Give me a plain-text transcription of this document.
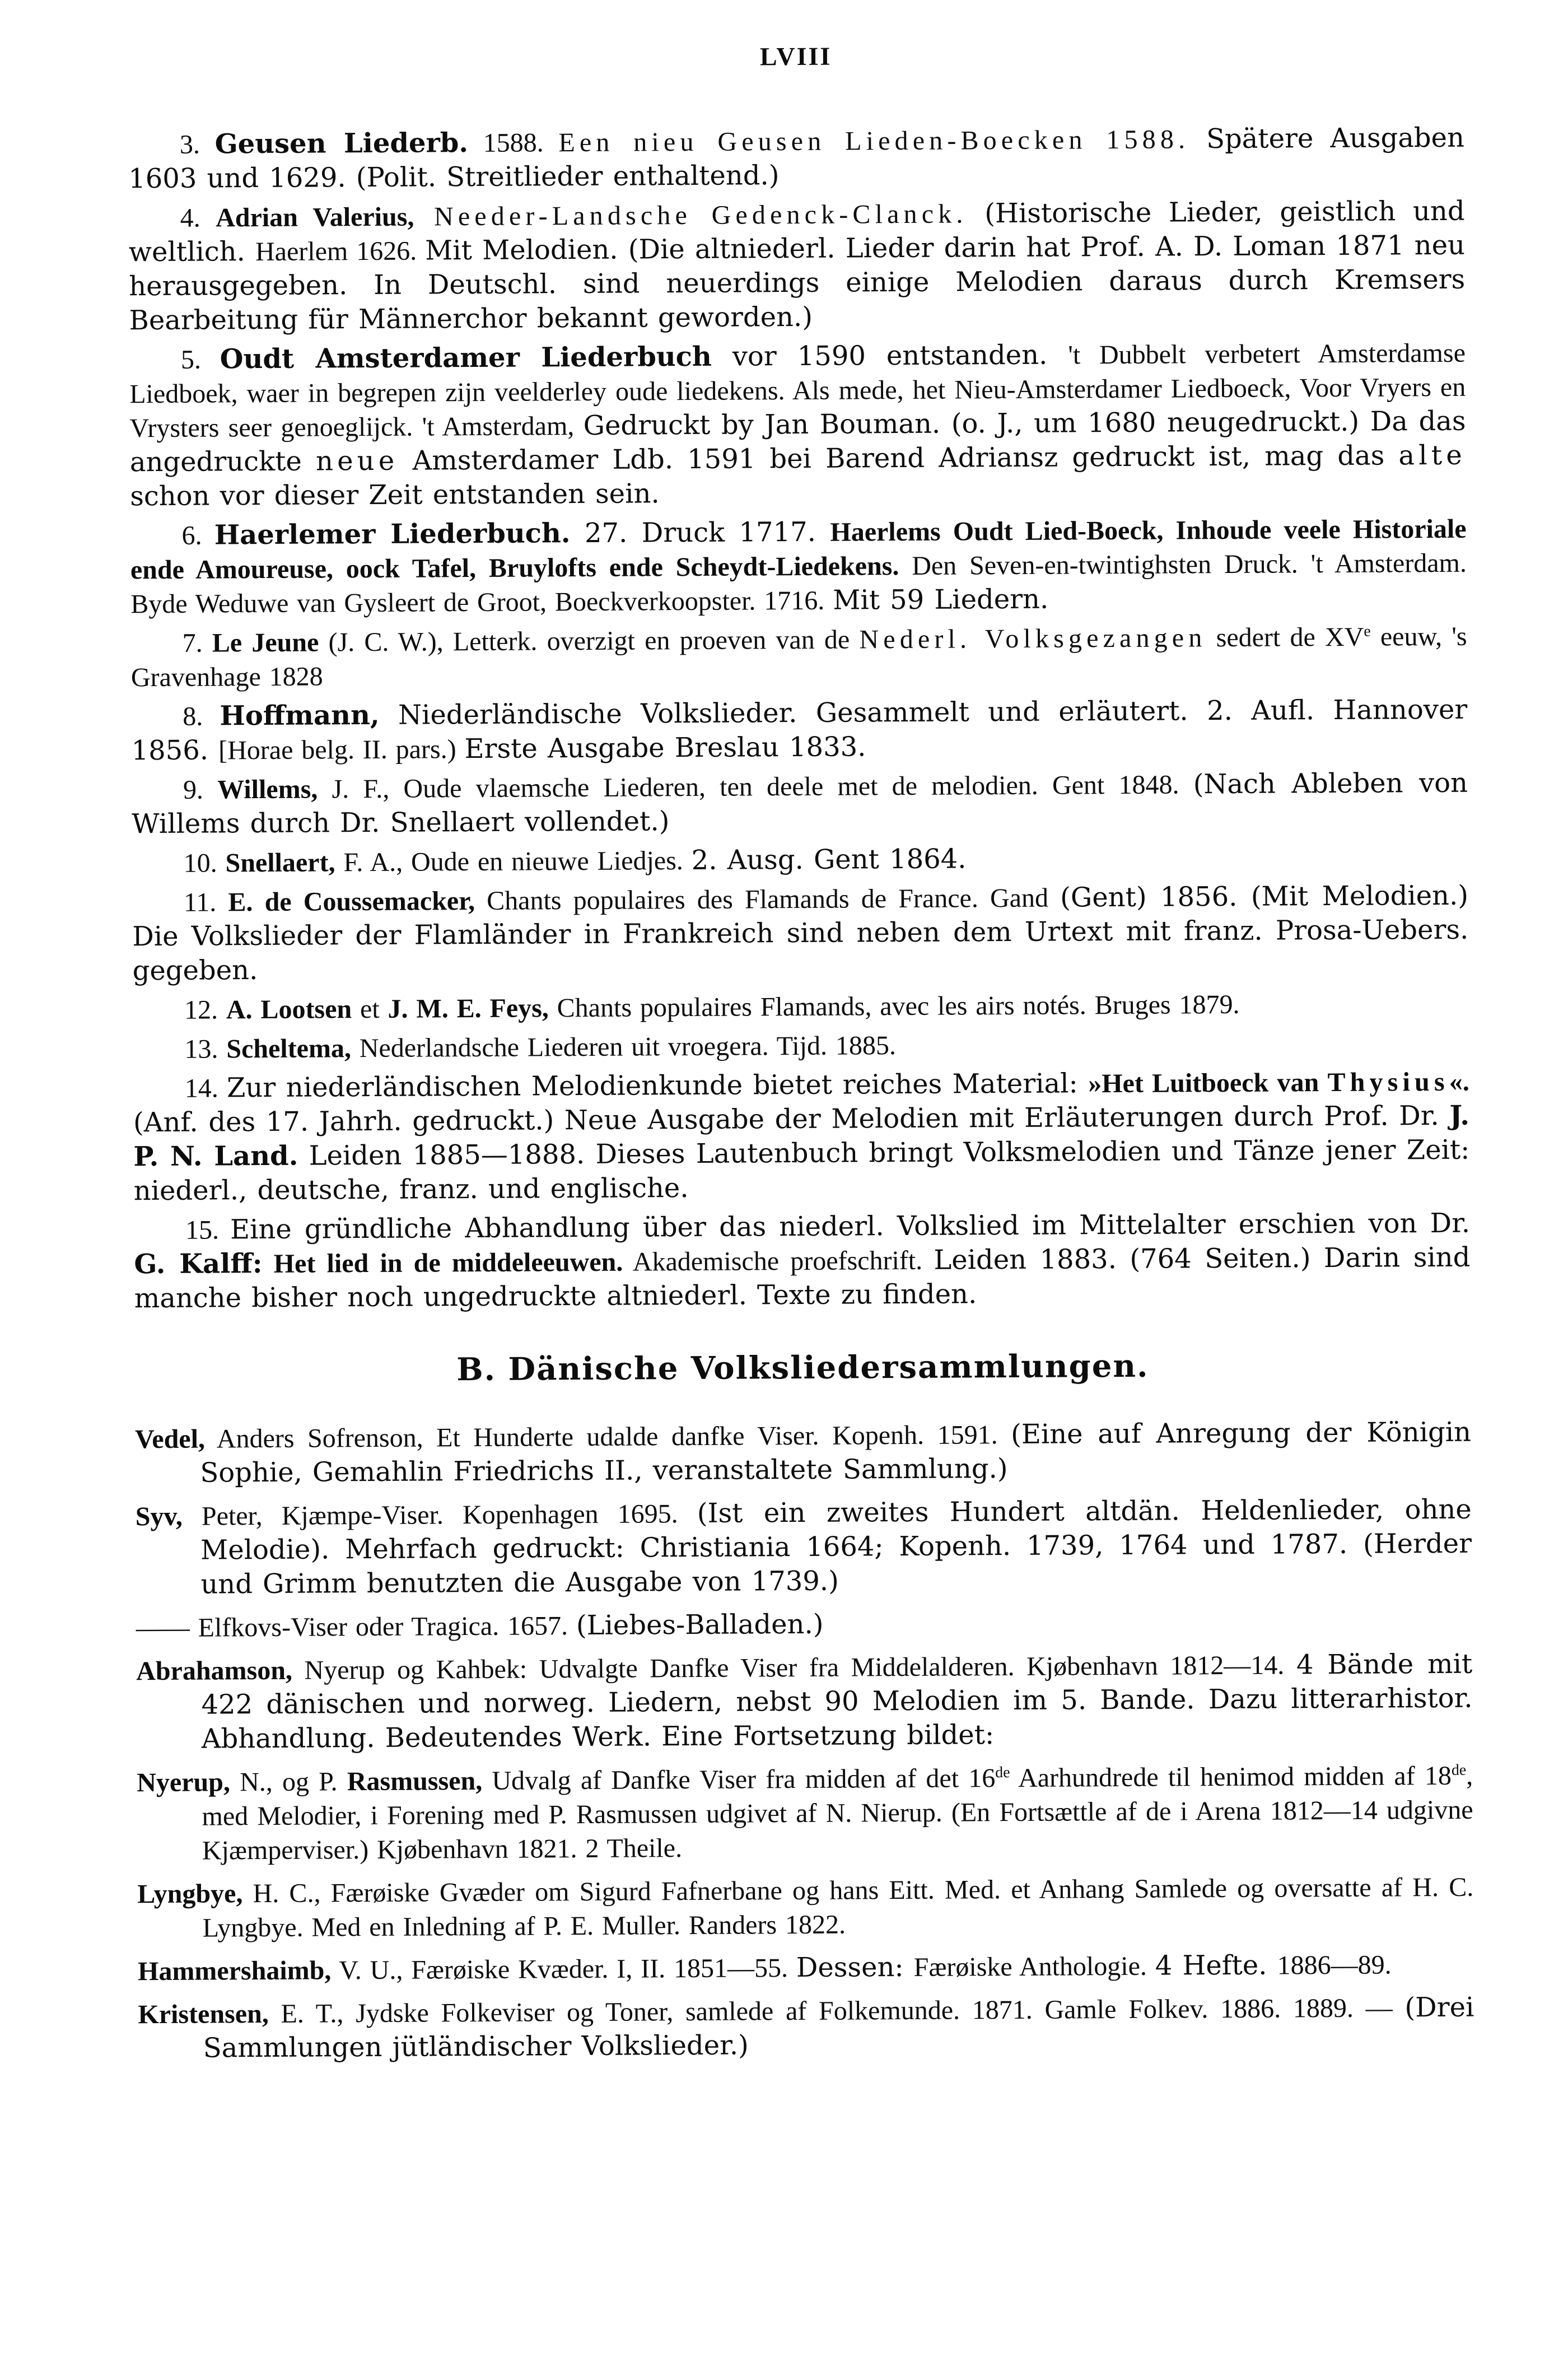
LVIII

3. Geusen Liederb. 1588. Een nieu Geusen Lieden-Boecken 1588. Spätere Ausgaben 1603 und 1629. (Polit. Streitlieder enthaltend.)

4. Adrian Valerius, Needer-Landsche Gedenck-Clanck. (Historische Lieder, geistlich und weltlich. Haerlem 1626. Mit Melodien. (Die altniederl. Lieder darin hat Prof. A. D. Loman 1871 neu herausgegeben. In Deutschl. sind neuerdings einige Melodien daraus durch Kremsers Bearbeitung für Männerchor bekannt geworden.)

5. Oudt Amsterdamer Liederbuch vor 1590 entstanden. 't Dubbelt verbetert Amsterdamse Liedboek, waer in begrepen zijn veelderley oude liedekens. Als mede, het Nieu-Amsterdamer Liedboeck, Voor Vryers en Vrysters seer genoeglijck. 't Amsterdam, Gedruckt by Jan Bouman. (o. J., um 1680 neugedruckt.) Da das angedruckte neue Amsterdamer Ldb. 1591 bei Barend Adriansz gedruckt ist, mag das alte schon vor dieser Zeit entstanden sein.

6. Haerlemer Liederbuch. 27. Druck 1717. Haerlems Oudt Lied-Boeck, Inhoude veele Historiale ende Amoureuse, oock Tafel, Bruylofts ende Scheydt-Liedekens. Den Seven-en-twintighsten Druck. 't Amsterdam. Byde Weduwe van Gysleert de Groot, Boeckverkoopster. 1716. Mit 59 Liedern.

7. Le Jeune (J. C. W.), Letterk. overzigt en proeven van de Nederl. Volksgezangen sedert de XVe eeuw, 's Gravenhage 1828

8. Hoffmann, Niederländische Volkslieder. Gesammelt und erläutert. 2. Aufl. Hannover 1856. [Horae belg. II. pars.) Erste Ausgabe Breslau 1833.

9. Willems, J. F., Oude vlaemsche Liederen, ten deele met de melodien. Gent 1848. (Nach Ableben von Willems durch Dr. Snellaert vollendet.)

10. Snellaert, F. A., Oude en nieuwe Liedjes. 2. Ausg. Gent 1864.

11. E. de Coussemacker, Chants populaires des Flamands de France. Gand (Gent) 1856. (Mit Melodien.) Die Volkslieder der Flamländer in Frankreich sind neben dem Urtext mit franz. Prosa-Uebers. gegeben.

12. A. Lootsen et J. M. E. Feys, Chants populaires Flamands, avec les airs notés. Bruges 1879.

13. Scheltema, Nederlandsche Liederen uit vroegera. Tijd. 1885.

14. Zur niederländischen Melodienkunde bietet reiches Material: »Het Luitboeck van Thysius«. (Anf. des 17. Jahrh. gedruckt.) Neue Ausgabe der Melodien mit Erläuterungen durch Prof. Dr. J. P. N. Land. Leiden 1885—1888. Dieses Lautenbuch bringt Volksmelodien und Tänze jener Zeit: niederl., deutsche, franz. und englische.

15. Eine gründliche Abhandlung über das niederl. Volkslied im Mittelalter erschien von Dr. G. Kalff: Het lied in de middeleeuwen. Akademische proefschrift. Leiden 1883. (764 Seiten.) Darin sind manche bisher noch ungedruckte altniederl. Texte zu finden.

B. Dänische Volksliedersammlungen.

Vedel, Anders Sofrenson, Et Hunderte udalde danfke Viser. Kopenh. 1591. (Eine auf Anregung der Königin Sophie, Gemahlin Friedrichs II., veranstaltete Sammlung.)

Syv, Peter, Kjæmpe-Viser. Kopenhagen 1695. (Ist ein zweites Hundert altdän. Heldenlieder, ohne Melodie). Mehrfach gedruckt: Christiania 1664; Kopenh. 1739, 1764 und 1787. (Herder und Grimm benutzten die Ausgabe von 1739.)

—— Elfkovs-Viser oder Tragica. 1657. (Liebes-Balladen.)

Abrahamson, Nyerup og Kahbek: Udvalgte Danfke Viser fra Middelalderen. Kjøbenhavn 1812—14. 4 Bände mit 422 dänischen und norweg. Liedern, nebst 90 Melodien im 5. Bande. Dazu litterarhistor. Abhandlung. Bedeutendes Werk. Eine Fortsetzung bildet:

Nyerup, N., og P. Rasmussen, Udvalg af Danfke Viser fra midden af det 16de Aarhundrede til henimod midden af 18de, med Melodier, i Forening med P. Rasmussen udgivet af N. Nierup. (En Fortsættle af de i Arena 1812—14 udgivne Kjæmperviser.) Kjøbenhavn 1821. 2 Theile.

Lyngbye, H. C., Færøiske Gvæder om Sigurd Fafnerbane og hans Eitt. Med. et Anhang Samlede og oversatte af H. C. Lyngbye. Med en Inledning af P. E. Muller. Randers 1822.

Hammershaimb, V. U., Færøiske Kvæder. I, II. 1851—55. Dessen: Færøiske Anthologie. 4 Hefte. 1886—89.

Kristensen, E. T., Jydske Folkeviser og Toner, samlede af Folkemunde. 1871. Gamle Folkev. 1886. 1889. — (Drei Sammlungen jütländischer Volkslieder.)
